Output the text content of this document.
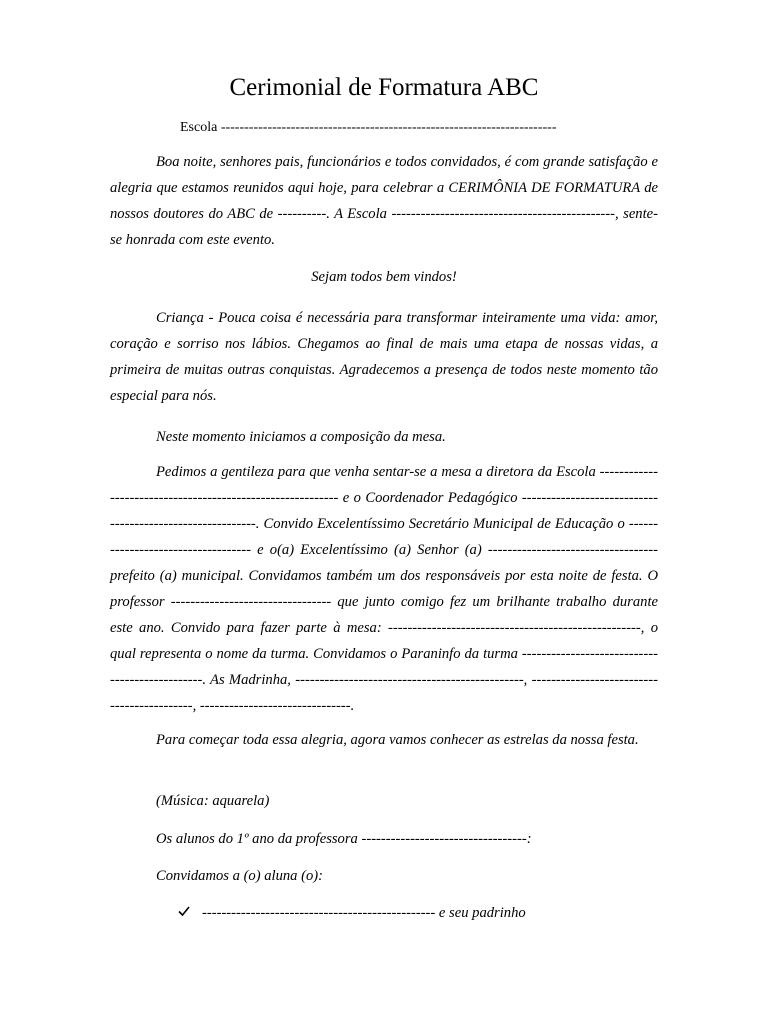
Cerimonial de Formatura ABC
Escola ------------------------------------------------------------------------
Boa noite, senhores pais, funcionários e todos convidados, é com grande satisfação e alegria que estamos reunidos aqui hoje, para celebrar a CERIMÔNIA DE FORMATURA de nossos doutores do ABC de ----------. A Escola ----------------------------------------------, sente-se honrada com este evento.
Sejam todos bem vindos!
Criança - Pouca coisa é necessária para transformar inteiramente uma vida: amor, coração e sorriso nos lábios. Chegamos ao final de mais uma etapa de nossas vidas, a primeira de muitas outras conquistas. Agradecemos a presença de todos neste momento tão especial para nós.
Neste momento iniciamos a composição da mesa.
Pedimos a gentileza para que venha sentar-se a mesa a diretora da Escola ----------------------------------------------------------- e o Coordenador Pedagógico ----------------------------------------------------------. Convido Excelentíssimo Secretário Municipal de Educação o ----------------------------------- e o(a) Excelentíssimo (a) Senhor (a) ----------------------------------- prefeito (a) municipal. Convidamos também um dos responsáveis por esta noite de festa. O professor --------------------------------- que junto comigo fez um brilhante trabalho durante este ano. Convido para fazer parte à mesa: ----------------------------------------------------, o qual representa o nome da turma. Convidamos o Paraninfo da turma -----------------------------------------------. As Madrinha, -----------------------------------------------, -------------------------------------------, -------------------------------.
Para começar toda essa alegria, agora vamos conhecer as estrelas da nossa festa.
(Música: aquarela)
Os alunos do 1º ano da professora ----------------------------------:
Convidamos a (o) aluna (o):
------------------------------------------------ e seu padrinho
